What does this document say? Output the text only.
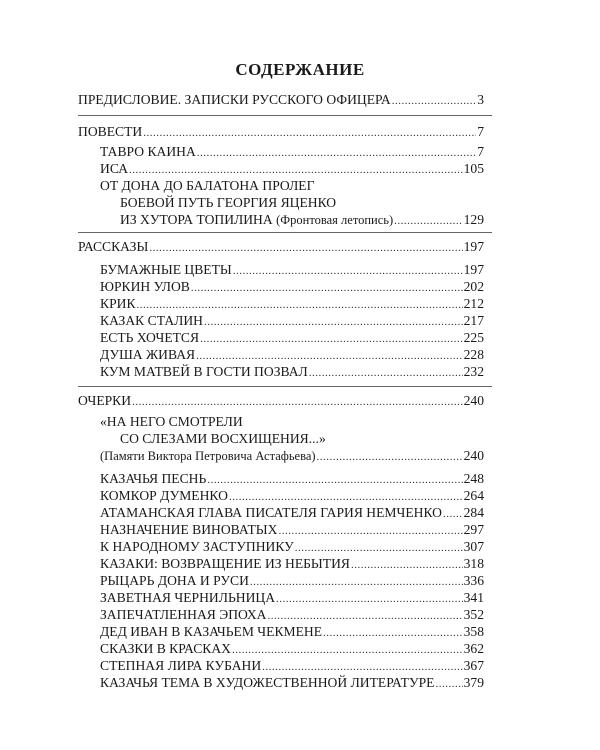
СОДЕРЖАНИЕ
ПРЕДИСЛОВИЕ. ЗАПИСКИ РУССКОГО ОФИЦЕРА .....	3
ПОВЕСТИ .....	7
ТАВРО КАИНА .....	7
ИСА .....	105
ОТ ДОНА ДО БАЛАТОНА ПРОЛЕГ
БОЕВОЙ ПУТЬ ГЕОРГИЯ ЯЦЕНКО
ИЗ ХУТОРА ТОПИЛИНА (Фронтовая летопись) .....	129
РАССКАЗЫ .....	197
БУМАЖНЫЕ ЦВЕТЫ .....	197
ЮРКИН УЛОВ .....	202
КРИК .....	212
КАЗАК СТАЛИН .....	217
ЕСТЬ ХОЧЕТСЯ .....	225
ДУША ЖИВАЯ .....	228
КУМ МАТВЕЙ В ГОСТИ ПОЗВАЛ .....	232
ОЧЕРКИ .....	240
«НА НЕГО СМОТРЕЛИ
СО СЛЕЗАМИ ВОСХИЩЕНИЯ...»
(Памяти Виктора Петровича Астафьева) .....	240
КАЗАЧЬЯ ПЕСНЬ .....	248
КОМКОР ДУМЕНКО .....	264
АТАМАНСКАЯ ГЛАВА ПИСАТЕЛЯ ГАРИЯ НЕМЧЕНКО ..... 284
НАЗНАЧЕНИЕ ВИНОВАТЫХ .....	297
К НАРОДНОМУ ЗАСТУПНИКУ .....	307
КАЗАКИ: ВОЗВРАЩЕНИЕ ИЗ НЕБЫТИЯ .....	318
РЫЦАРЬ ДОНА И РУСИ .....	336
ЗАВЕТНАЯ ЧЕРНИЛЬНИЦА .....	341
ЗАПЕЧАТЛЕННАЯ ЭПОХА .....	352
ДЕД ИВАН В КАЗАЧЬЕМ ЧЕКМЕНЕ .....	358
СКАЗКИ В КРАСКАХ .....	362
СТЕПНАЯ ЛИРА КУБАНИ .....	367
КАЗАЧЬЯ ТЕМА В ХУДОЖЕСТВЕННОЙ ЛИТЕРАТУРЕ ..... 379
